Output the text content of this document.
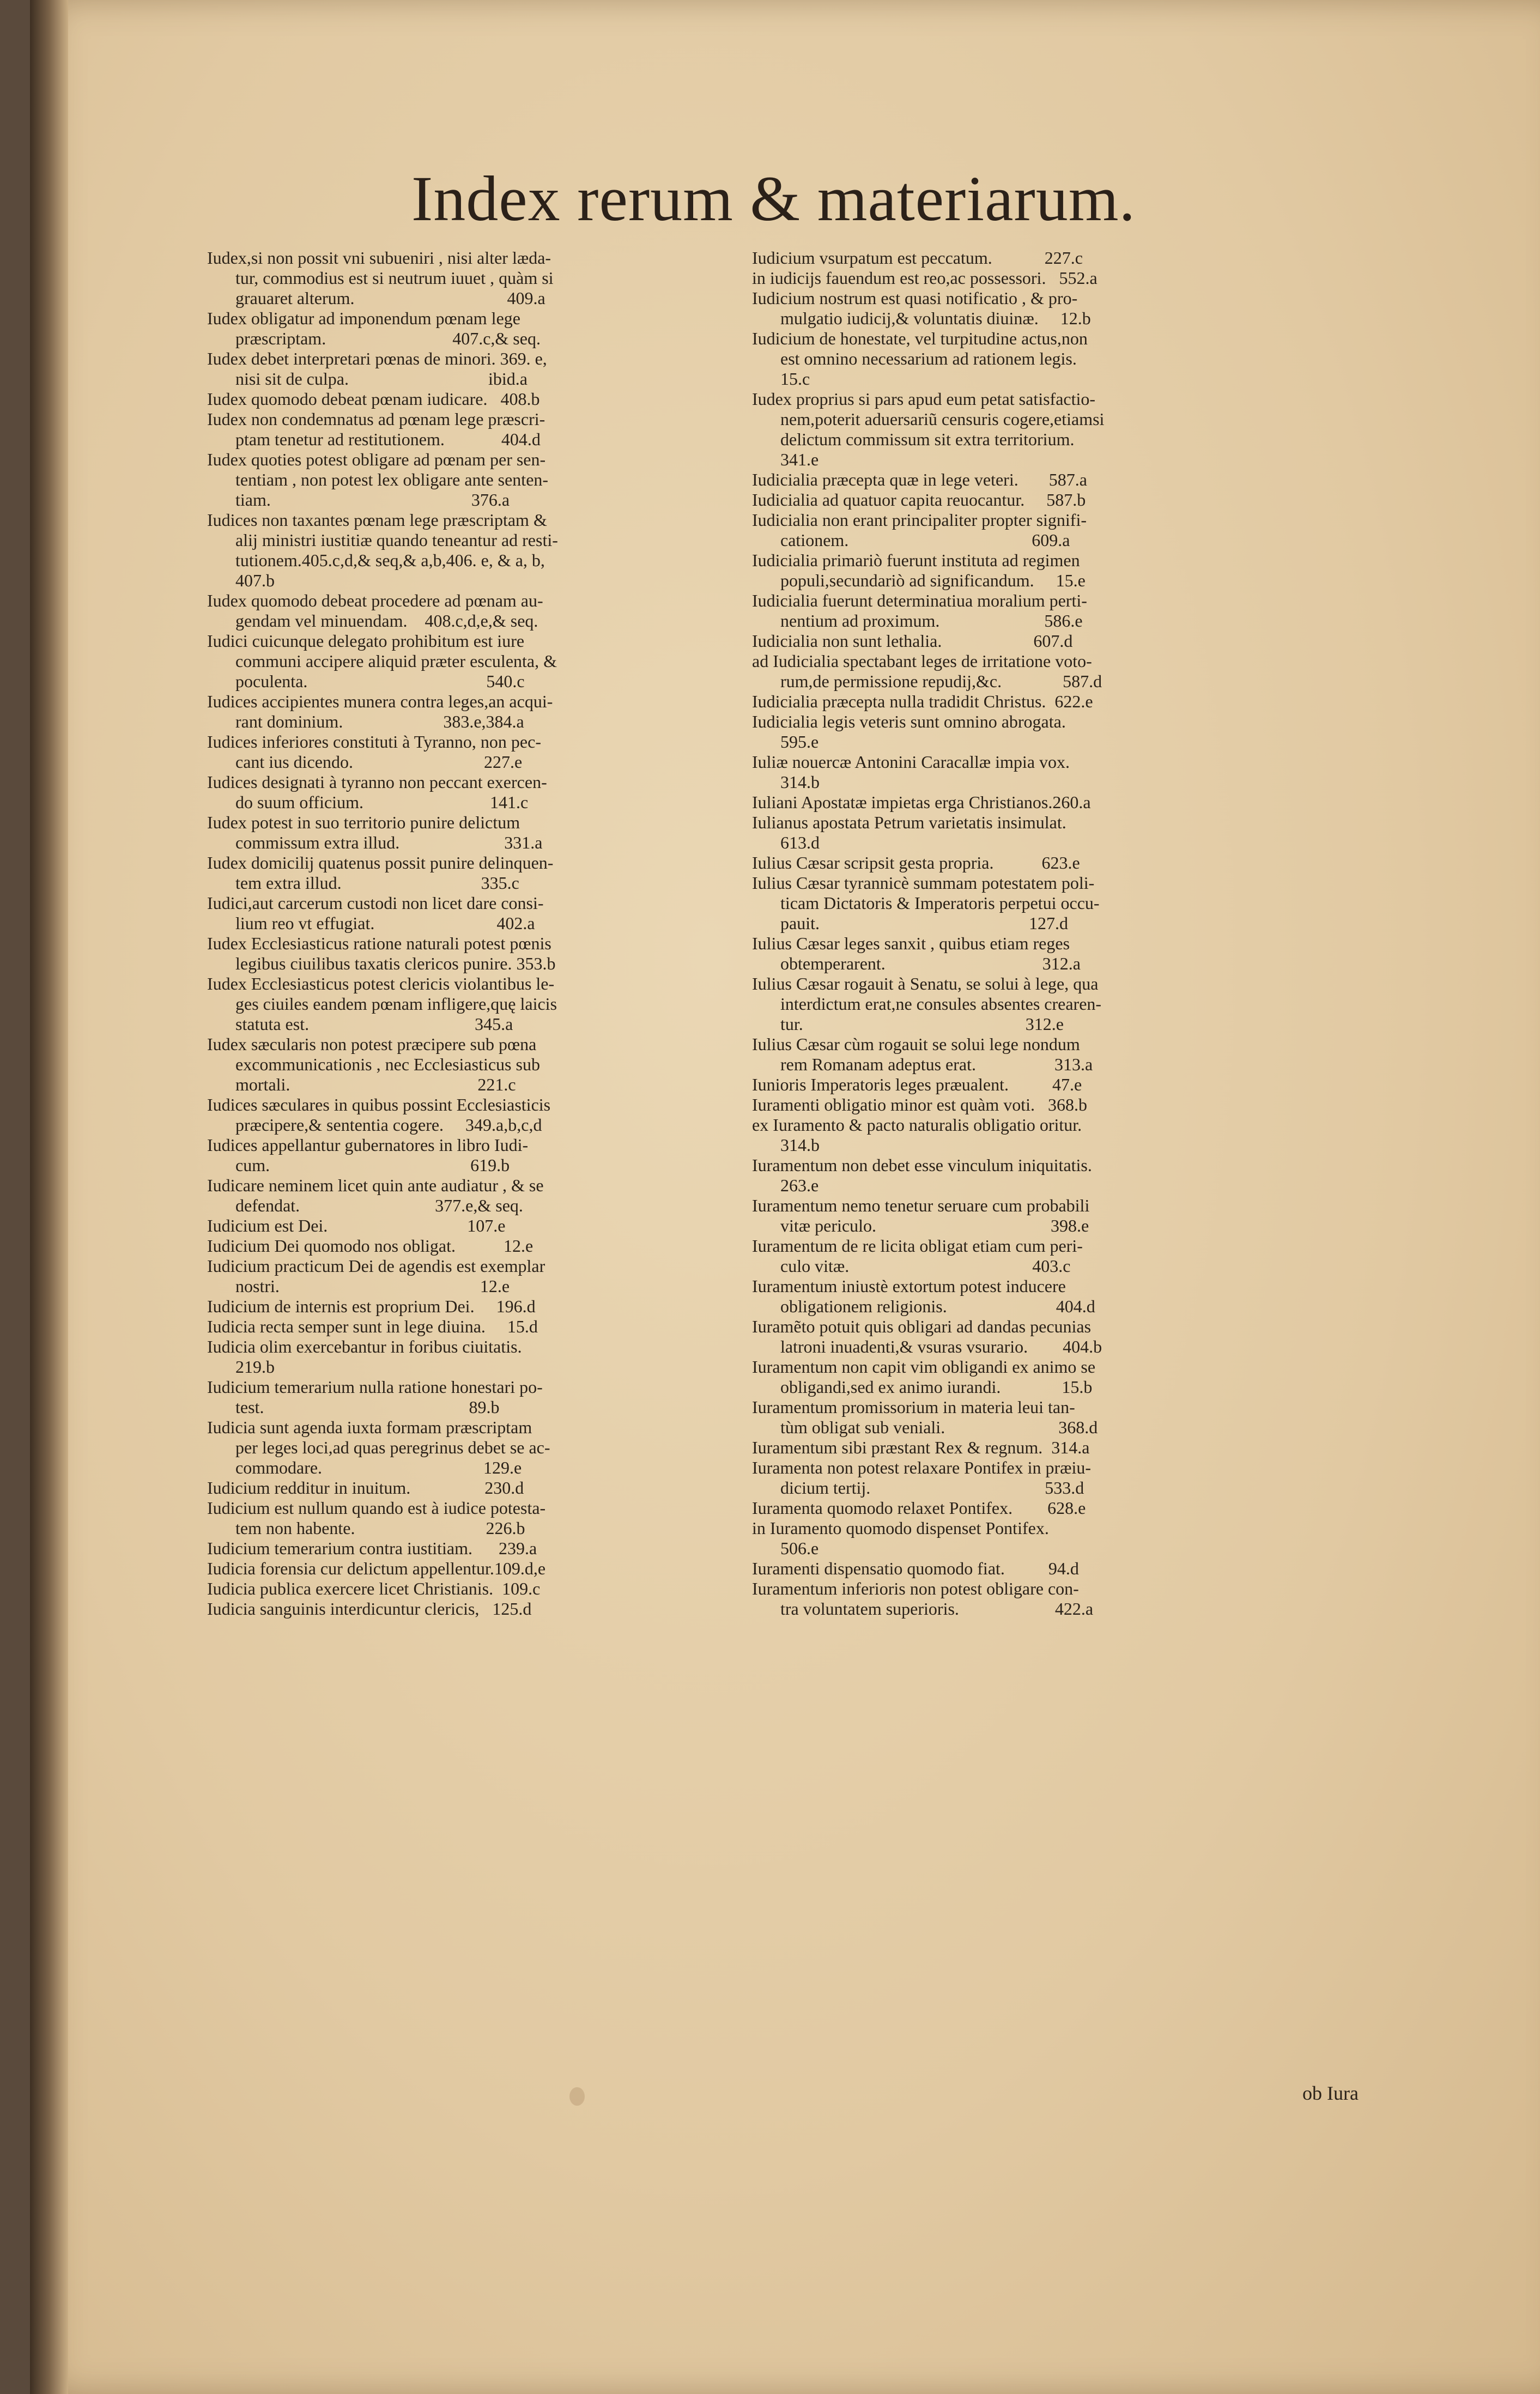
Index rerum & materiarum.
Iudex,si non possit vni subueniri , nisi alter læda-
tur, commodius est si neutrum iuuet , quàm si
grauaret alterum.                                   409.a
Iudex obligatur ad imponendum pœnam lege
præscriptam.                             407.c,& seq.
Iudex debet interpretari pœnas de minori. 369. e,
nisi sit de culpa.                                ibid.a
Iudex quomodo debeat pœnam iudicare.   408.b
Iudex non condemnatus ad pœnam lege præscri-
ptam tenetur ad restitutionem.             404.d
Iudex quoties potest obligare ad pœnam per sen-
tentiam , non potest lex obligare ante senten-
tiam.                                              376.a
Iudices non taxantes pœnam lege præscriptam &
alij ministri iustitiæ quando teneantur ad resti-
tutionem.405.c,d,& seq,& a,b,406. e, & a, b,
407.b
Iudex quomodo debeat procedere ad pœnam au-
gendam vel minuendam.    408.c,d,e,& seq.
Iudici cuicunque delegato prohibitum est iure
communi accipere aliquid præter esculenta, &
poculenta.                                         540.c
Iudices accipientes munera contra leges,an acqui-
rant dominium.                       383.e,384.a
Iudices inferiores constituti à Tyranno, non pec-
cant ius dicendo.                              227.e
Iudices designati à tyranno non peccant exercen-
do suum officium.                             141.c
Iudex potest in suo territorio punire delictum
commissum extra illud.                        331.a
Iudex domicilij quatenus possit punire delinquen-
tem extra illud.                                335.c
Iudici,aut carcerum custodi non licet dare consi-
lium reo vt effugiat.                            402.a
Iudex Ecclesiasticus ratione naturali potest pœnis
legibus ciuilibus taxatis clericos punire. 353.b
Iudex Ecclesiasticus potest clericis violantibus le-
ges ciuiles eandem pœnam infligere,quę laicis
statuta est.                                      345.a
Iudex sæcularis non potest præcipere sub pœna
excommunicationis , nec Ecclesiasticus sub
mortali.                                           221.c
Iudices sæculares in quibus possint Ecclesiasticis
præcipere,& sententia cogere.     349.a,b,c,d
Iudices appellantur gubernatores in libro Iudi-
cum.                                              619.b
Iudicare neminem licet quin ante audiatur , & se
defendat.                               377.e,& seq.
Iudicium est Dei.                                107.e
Iudicium Dei quomodo nos obligat.           12.e
Iudicium practicum Dei de agendis est exemplar
nostri.                                              12.e
Iudicium de internis est proprium Dei.     196.d
Iudicia recta semper sunt in lege diuina.     15.d
Iudicia olim exercebantur in foribus ciuitatis.
219.b
Iudicium temerarium nulla ratione honestari po-
test.                                               89.b
Iudicia sunt agenda iuxta formam præscriptam
per leges loci,ad quas peregrinus debet se ac-
commodare.                                     129.e
Iudicium redditur in inuitum.                 230.d
Iudicium est nullum quando est à iudice potesta-
tem non habente.                              226.b
Iudicium temerarium contra iustitiam.      239.a
Iudicia forensia cur delictum appellentur.109.d,e
Iudicia publica exercere licet Christianis.  109.c
Iudicia sanguinis interdicuntur clericis,   125.d
Iudicium vsurpatum est peccatum.            227.c
in iudicijs fauendum est reo,ac possessori.   552.a
Iudicium nostrum est quasi notificatio , & pro-
mulgatio iudicij,& voluntatis diuinæ.     12.b
Iudicium de honestate, vel turpitudine actus,non
est omnino necessarium ad rationem legis.
15.c
Iudex proprius si pars apud eum petat satisfactio-
nem,poterit aduersariũ censuris cogere,etiamsi
delictum commissum sit extra territorium.
341.e
Iudicialia præcepta quæ in lege veteri.       587.a
Iudicialia ad quatuor capita reuocantur.     587.b
Iudicialia non erant principaliter propter signifi-
cationem.                                          609.a
Iudicialia primariò fuerunt instituta ad regimen
populi,secundariò ad significandum.     15.e
Iudicialia fuerunt determinatiua moralium perti-
nentium ad proximum.                        586.e
Iudicialia non sunt lethalia.                     607.d
ad Iudicialia spectabant leges de irritatione voto-
rum,de permissione repudij,&c.              587.d
Iudicialia præcepta nulla tradidit Christus.  622.e
Iudicialia legis veteris sunt omnino abrogata.
595.e
Iuliæ nouercæ Antonini Caracallæ impia vox.
314.b
Iuliani Apostatæ impietas erga Christianos.260.a
Iulianus apostata Petrum varietatis insimulat.
613.d
Iulius Cæsar scripsit gesta propria.           623.e
Iulius Cæsar tyrannicè summam potestatem poli-
ticam Dictatoris & Imperatoris perpetui occu-
pauit.                                                127.d
Iulius Cæsar leges sanxit , quibus etiam reges
obtemperarent.                                    312.a
Iulius Cæsar rogauit à Senatu, se solui à lege, qua
interdictum erat,ne consules absentes crearen-
tur.                                                   312.e
Iulius Cæsar cùm rogauit se solui lege nondum
rem Romanam adeptus erat.                  313.a
Iunioris Imperatoris leges præualent.          47.e
Iuramenti obligatio minor est quàm voti.   368.b
ex Iuramento & pacto naturalis obligatio oritur.
314.b
Iuramentum non debet esse vinculum iniquitatis.
263.e
Iuramentum nemo tenetur seruare cum probabili
vitæ periculo.                                        398.e
Iuramentum de re licita obligat etiam cum peri-
culo vitæ.                                          403.c
Iuramentum iniustè extortum potest inducere
obligationem religionis.                         404.d
Iuramẽto potuit quis obligari ad dandas pecunias
latroni inuadenti,& vsuras vsurario.        404.b
Iuramentum non capit vim obligandi ex animo se
obligandi,sed ex animo iurandi.              15.b
Iuramentum promissorium in materia leui tan-
tùm obligat sub veniali.                          368.d
Iuramentum sibi præstant Rex & regnum.  314.a
Iuramenta non potest relaxare Pontifex in præiu-
dicium tertij.                                        533.d
Iuramenta quomodo relaxet Pontifex.        628.e
in Iuramento quomodo dispenset Pontifex.
506.e
Iuramenti dispensatio quomodo fiat.          94.d
Iuramentum inferioris non potest obligare con-
tra voluntatem superioris.                      422.a
ob Iura
